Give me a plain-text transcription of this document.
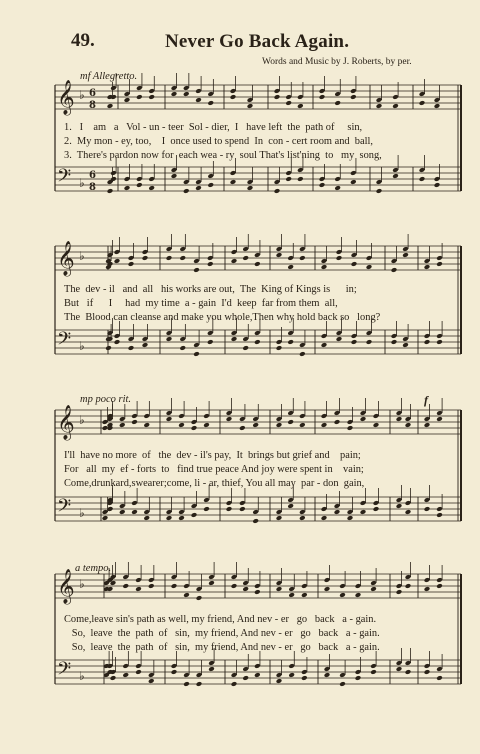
49.	Never Go Back Again.
Words and Music by J. Roberts, by per.
𝄞 ♭ 6
8
𝄢 ♭
6
8
𝄞 ♭
𝄢 ♭
𝄞 ♭
𝄢 ♭
𝄞 ♭
𝄢 ♭
mf Allegretto.
mp poco rit.	f
a tempo.
1.   I    am   a   Vol - un - teer  Sol - dier,  I   have left  the  path of     sin,
2.  My mon - ey, too,    I  once used to spend  In  con - cert room and  ball,
3.  There's pardon now for  each wea - ry  soul That's list'ning  to   my  song,
The  dev - il   and  all   his works are out,  The  King of Kings is      in;
But   if      I     had  my time  a - gain  I'd  keep  far from them  all,
The  Blood can cleanse and make you whole,Then why hold back so   long?
I'll  have no more  of   the  dev - il's pay,  It  brings but grief and    pain;
For   all  my  ef - forts  to   find true peace And joy were spent in    vain;
Come,drunkard,swearer;come, li - ar, thief, You all may  par - don  gain,
Come,leave sin's path as well, my friend, And nev - er   go   back   a - gain.
So,  leave  the  path  of   sin,  my friend, And nev - er   go   back   a - gain.
So,  leave  the  path  of   sin,  my friend, And nev - er   go   back   a - gain.
